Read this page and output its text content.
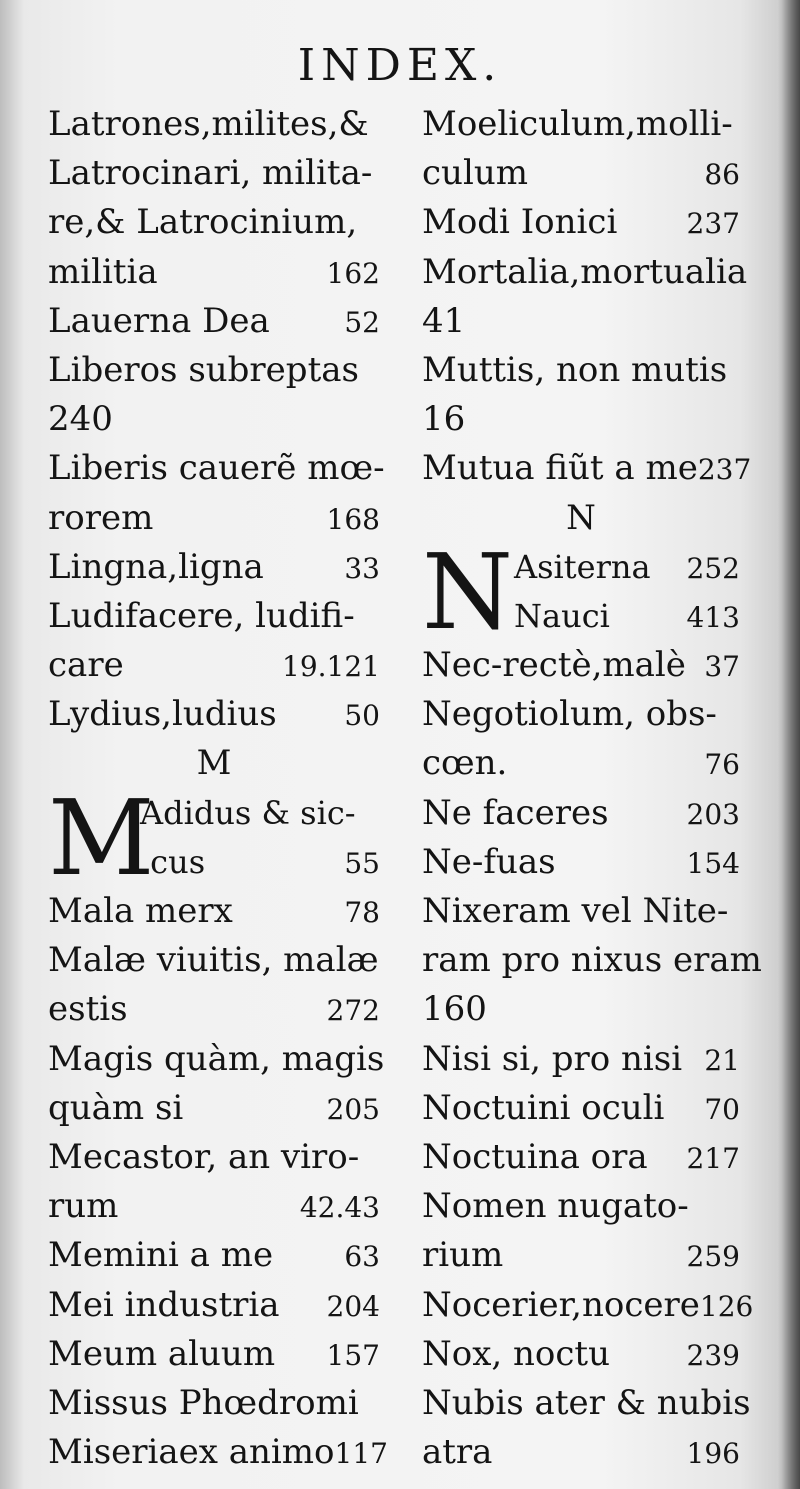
INDEX.
Latrones,milites,&
Latrocinari, milita-
re,& Latrocinium,
militia	162
Lauerna Dea	52
Liberos subreptas
240
Liberis cauerẽ mœ-
rorem	168
Lingna,ligna	33
Ludifacere, ludifi-
care	19.121
Lydius,ludius 50
M
M
Adidus & sic-
.cus	55
Mala merx	78
Malæ viuitis, malæ
estis	272
Magis quàm, magis
quàm si	205
Mecastor, an viro-
rum	42.43
Memini a me	63
Mei industria 204
Meum aluum 157
Missus Phœdromi
Miseriaex animo 117
Moeliculum,molli-
culum	86
Modi Ionici 237
Mortalia,mortualia
41
Muttis, non mutis
16
Mutua fiũt a me 237
N
N Asiterna 252
Nauci	413
Nec-rectè,malè 37
Negotiolum, obs-
cœn.	76
Ne faceres	203
Ne-fuas	154
Nixeram vel Nite-
ram pro nixus eram
160
Nisi si, pro nisi 21
Noctuini oculi 70
Noctuina ora 217
Nomen nugato-
rium	259
Nocerier,nocere 126
Nox, noctu	239
Nubis ater & nubis
atra	196
